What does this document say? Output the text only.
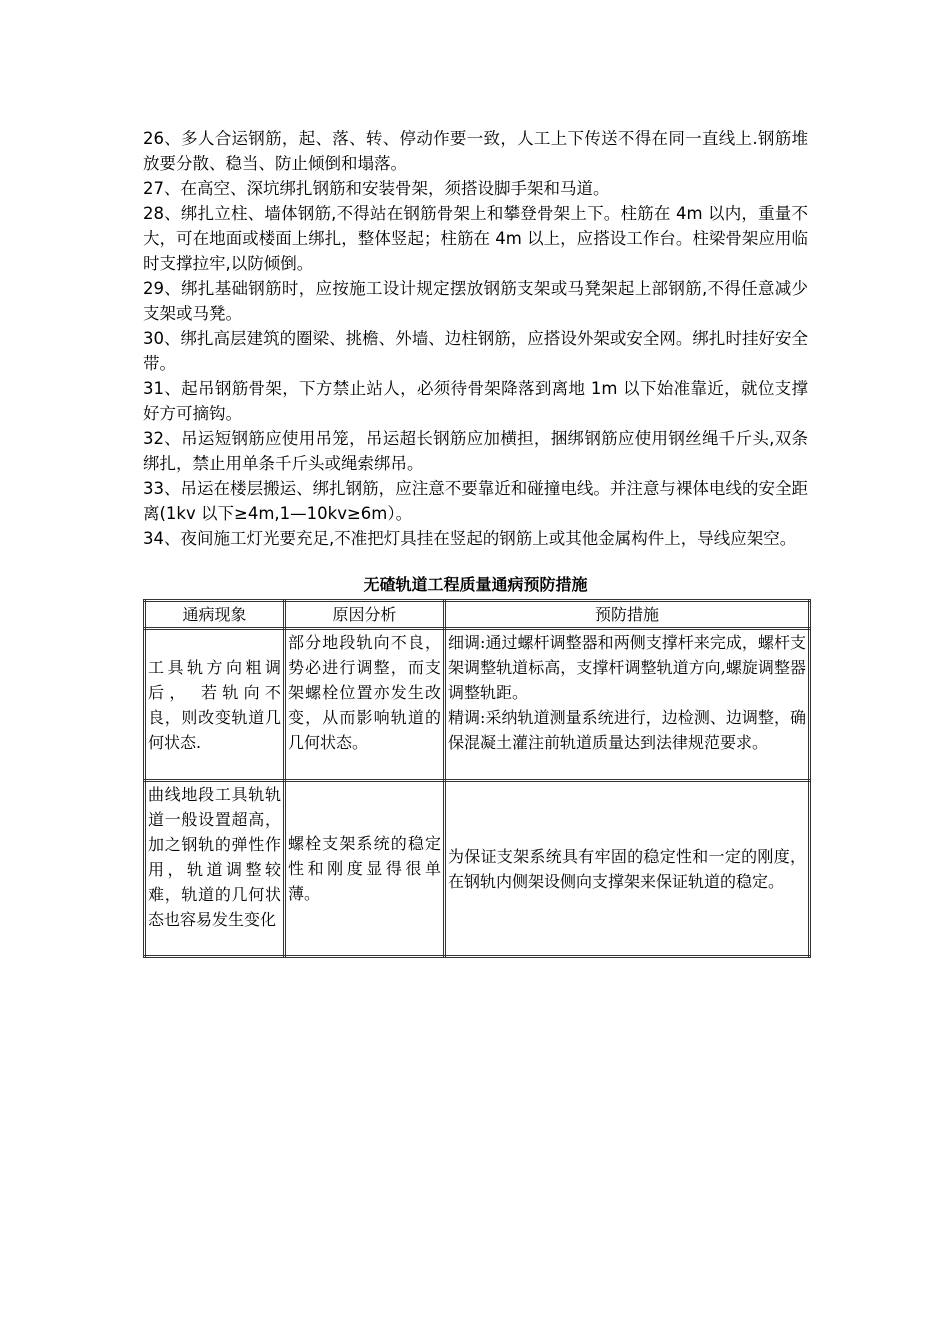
26、多人合运钢筋，起、落、转、停动作要一致，人工上下传送不得在同一直线上.钢筋堆放要分散、稳当、防止倾倒和塌落。

27、在高空、深坑绑扎钢筋和安装骨架，须搭设脚手架和马道。

28、绑扎立柱、墙体钢筋,不得站在钢筋骨架上和攀登骨架上下。柱筋在 4m 以内，重量不大，可在地面或楼面上绑扎，整体竖起；柱筋在 4m 以上，应搭设工作台。柱梁骨架应用临时支撑拉牢,以防倾倒。

29、绑扎基础钢筋时，应按施工设计规定摆放钢筋支架或马凳架起上部钢筋,不得任意减少支架或马凳。

30、绑扎高层建筑的圈梁、挑檐、外墙、边柱钢筋，应搭设外架或安全网。绑扎时挂好安全带。

31、起吊钢筋骨架，下方禁止站人，必须待骨架降落到离地 1m 以下始准靠近，就位支撑好方可摘钩。

32、吊运短钢筋应使用吊笼，吊运超长钢筋应加横担，捆绑钢筋应使用钢丝绳千斤头,双条绑扎，禁止用单条千斤头或绳索绑吊。

33、吊运在楼层搬运、绑扎钢筋，应注意不要靠近和碰撞电线。并注意与裸体电线的安全距离(1kv 以下≥4m,1—10kv≥6m）。

34、夜间施工灯光要充足,不准把灯具挂在竖起的钢筋上或其他金属构件上，导线应架空。

无碴轨道工程质量通病预防措施
通病现象	原因分析	预防措施
工具轨方向粗调后， 若轨向不良，则改变轨道几何状态.	部分地段轨向不良，势必进行调整，而支架螺栓位置亦发生改变，从而影响轨道的几何状态。	细调:通过螺杆调整器和两侧支撑杆来完成，螺杆支架调整轨道标高，支撑杆调整轨道方向,螺旋调整器调整轨距。
精调:采纳轨道测量系统进行，边检测、边调整，确保混凝土灌注前轨道质量达到法律规范要求。

曲线地段工具轨轨道一般设置超高，加之钢轨的弹性作用，轨道调整较难，轨道的几何状态也容易发生变化	螺栓支架系统的稳定性和刚度显得很单薄。	为保证支架系统具有牢固的稳定性和一定的刚度，在钢轨内侧架设侧向支撑架来保证轨道的稳定。
